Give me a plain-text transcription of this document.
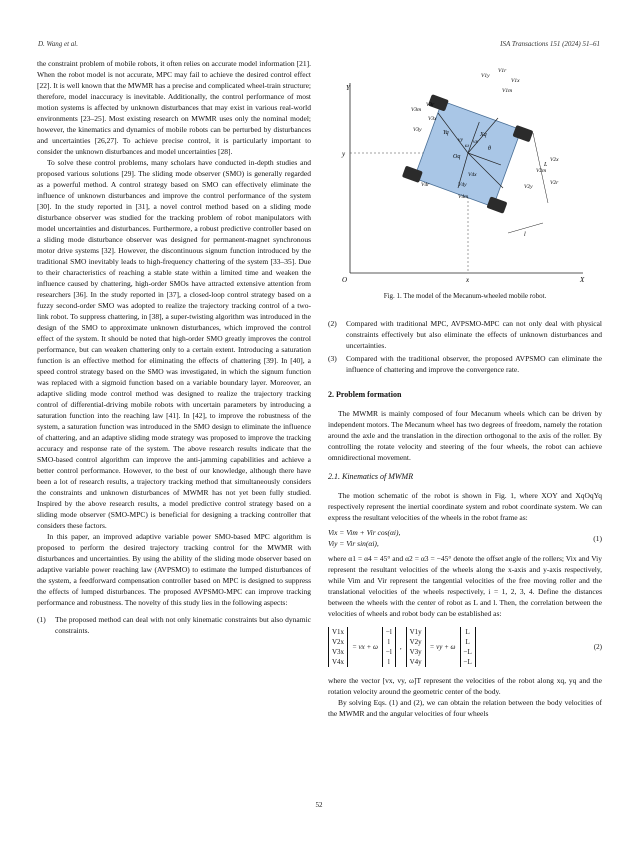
D. Wang et al.	ISA Transactions 151 (2024) 51–61

the constraint problem of mobile robots, it often relies on accurate model information [21]. When the robot model is not accurate, MPC may fail to achieve the desired control effect [22]. It is well known that the MWMR has a precise and complicated wheel-train structure; therefore, model inaccuracy is inevitable. Additionally, the control performance of most motion systems is affected by unknown disturbances that may exist in various real-world environments [23–25]. Most existing research on MWMR uses only the nominal model; however, the kinematics and dynamics of mobile robots can be perturbed by disturbances and uncertainties [26,27]. To achieve precise control, it is particularly important to consider the unknown disturbances and model uncertainties [28].

To solve these control problems, many scholars have conducted in-depth studies and proposed various solutions [29]. The sliding mode observer (SMO) is generally regarded as a powerful method. A control strategy based on SMO can effectively eliminate the influence of unknown disturbances and improve the control performance of the system [30]. In the study reported in [31], a novel control method based on a sliding mode disturbance observer was studied for the tracking problem of robot manipulators with model uncertainties and disturbances. Furthermore, a robust predictive controller based on a sliding mode disturbance observer was designed for permanent-magnet synchronous motor drive systems [32]. However, the discontinuous signum function introduced by the traditional SMO inevitably leads to high-frequency chattering of the system [33–35]. Due to their characteristics of reaching a stable state within a limited time and weaken the influence caused by chattering, high-order SMOs have attracted extensive attention from researchers [36]. In the study reported in [37], a closed-loop control strategy based on a fuzzy second-order SMO was adopted to realize the trajectory tracking control of a two-link robot. To suppress chattering, in [38], a super-twisting algorithm was introduced in the design of the SMO to approximate unknown disturbances, which improved the control effect of the system. It should be noted that high-order SMO greatly improves the control performance, but can weaken chattering only to a certain extent. Introducing a saturation function is an effective method for eliminating the effects of chattering [39]. In [40], a speed control strategy based on the SMO was investigated, in which the signum function was replaced with a sigmoid function based on a variable boundary layer. Moreover, an adaptive sliding mode control method was designed to realize the trajectory tracking control of differential-driving mobile robots with uncertain parameters by introducing a saturation function into the reaching law [41]. In [42], to improve the robustness of the system, a saturation function was introduced in the SMO design to eliminate the influence of chattering, and an adaptive sliding mode strategy was proposed to improve the tracking accuracy and response rate of the system. The above research results indicate that the SMO-based control algorithm can improve the anti-jamming capabilities and achieve a better control performance. However, to the best of our knowledge, although there have been a lot of research results, a trajectory tracking method that simultaneously considers the constraints and unknown disturbances of MWMR has not yet been fully studied. Inspired by the above research results, a model predictive control strategy based on a sliding mode observer (SMO-MPC) is beneficial for designing a tracking controller that considers these factors.

In this paper, an improved adaptive variable power SMO-based MPC algorithm is proposed to perform the desired trajectory tracking control for the MWMR with disturbances and uncertainties. By using the ability of the sliding mode observer based on adaptive variable power reaching law (AVPSMO) to estimate the lumped disturbances of the system, a feedforward compensation controller based on MPC is designed to suppress the effects of lumped disturbances. The proposed AVPSMO-MPC can improve tracking performance and robustness. The novelty of this study lies in the following aspects:

(1) The proposed method can deal with not only kinematic constraints but also dynamic constraints.
Y
X
O
y
x
Xq
Yq
Oq
θ
vy vx
ω
L
l
V1y
V1r
V1x
V1m
V2x
V2m
V2r
V2y
V3m
V3r
V3y
V3x
V4x
V4r	V4y
V4m
Fig. 1. The model of the Mecanum-wheeled mobile robot.
(2) Compared with traditional MPC, AVPSMO-MPC can not only deal with physical constraints effectively but also eliminate the effects of unknown disturbances and uncertainties.
(3) Compared with the traditional observer, the proposed AVPSMO can eliminate the influence of chattering and improve the convergence rate.
2. Problem formation

The MWMR is mainly composed of four Mecanum wheels which can be driven by independent motors. The Mecanum wheel has two degrees of freedom, namely the rotation around the axle and the translation in the direction orthogonal to the axis of the roller. By controlling the rotate velocity and steering of the four wheels, the robot can achieve omnidirectional movement.

2.1. Kinematics of MWMR

The motion schematic of the robot is shown in Fig. 1, where XOY and XqOqYq respectively represent the inertial coordinate system and robot coordinate system. We can express the resultant velocities of the wheels in the robot frame as:

Vix = Vim + Vir cos(αi),
Viy = Vir sin(αi),
(1)

where α1 = α4 = 45° and α2 = α3 = −45° denote the offset angle of the rollers; Vix and Viy represent the resultant velocities of the wheels along the x-axis and y-axis respectively, while Vim and Vir represent the tangential velocities of the free moving roller and the translational velocities of the wheels respectively, i = 1, 2, 3, 4. Define the distances between the wheels with the center of robot as L and l. Then, the correlation between the velocities of wheels and robot body can be established as:

V1x
V2x
V3x
V4x
= vx + ω
−l
l
−l
l
,
V1y
V2y
V3y
V4y
= vy + ω
L
L
−L
−L
(2)

where the vector [vx, vy, ω]T represent the velocities of the robot along xq, yq and the rotation velocity around the geometric center of the body.

By solving Eqs. (1) and (2), we can obtain the relation between the body velocities of the MWMR and the angular velocities of four wheels

52
